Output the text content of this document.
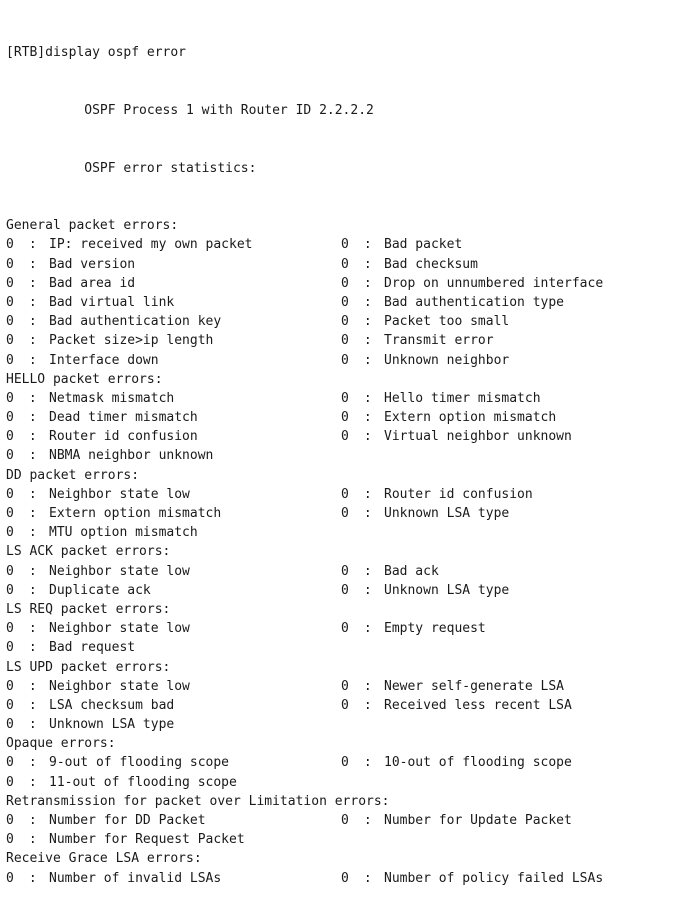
[RTB]display ospf error

OSPF Process 1 with Router ID 2.2.2.2

OSPF error statistics:

General packet errors:
0 : IP: received my own packet	0 : Bad packet
0 : Bad version	0 : Bad checksum
0 : Bad area id	0 : Drop on unnumbered interface
0 : Bad virtual link	0 : Bad authentication type
0 : Bad authentication key	0 : Packet too small
0 : Packet size>ip length	0 : Transmit error
0 : Interface down	0 : Unknown neighbor
HELLO packet errors:
0 : Netmask mismatch	0 : Hello timer mismatch
0 : Dead timer mismatch	0 : Extern option mismatch
0 : Router id confusion	0 : Virtual neighbor unknown
0 : NBMA neighbor unknown
DD packet errors:
0 : Neighbor state low	0 : Router id confusion
0 : Extern option mismatch	0 : Unknown LSA type
0 : MTU option mismatch
LS ACK packet errors:
0 : Neighbor state low	0 : Bad ack
0 : Duplicate ack	0 : Unknown LSA type
LS REQ packet errors:
0 : Neighbor state low	0 : Empty request
0 : Bad request
LS UPD packet errors:
0 : Neighbor state low	0 : Newer self-generate LSA
0 : LSA checksum bad	0 : Received less recent LSA
0 : Unknown LSA type
Opaque errors:
0 : 9-out of flooding scope	0 : 10-out of flooding scope
0 : 11-out of flooding scope
Retransmission for packet over Limitation errors:
0 : Number for DD Packet	0 : Number for Update Packet
0 : Number for Request Packet
Receive Grace LSA errors:
0 : Number of invalid LSAs	0 : Number of policy failed LSAs
